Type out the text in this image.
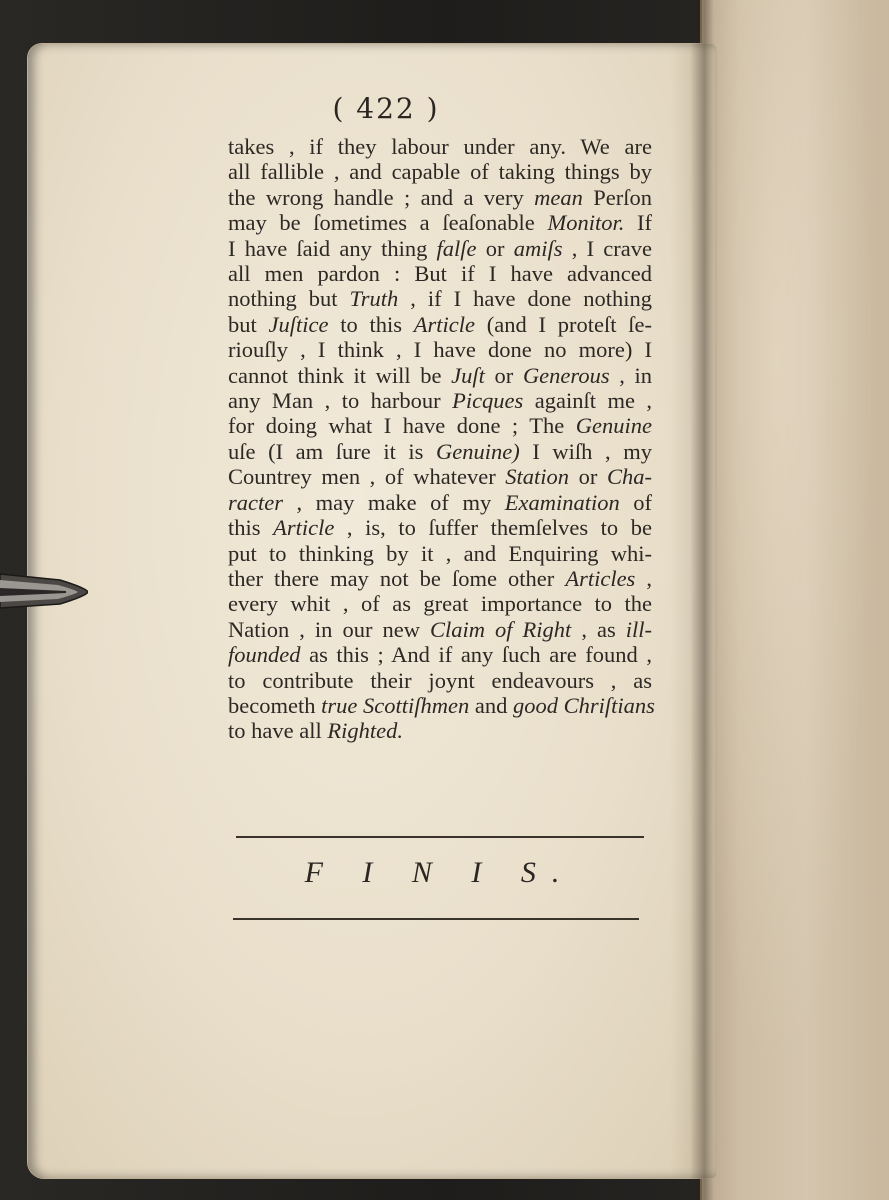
( 422 )
takes , if they labour under any. We are
all fallible , and capable of taking things by
the wrong handle ; and a very mean Perſon
may be ſometimes a ſeaſonable Monitor. If
I have ſaid any thing falſe or amiſs , I crave
all men pardon : But if I have advanced
nothing but Truth , if I have done nothing
but Juſtice to this Article (and I proteſt ſe-
riouſly , I think , I have done no more) I
cannot think it will be Juſt or Generous , in
any Man , to harbour Picques againſt me ,
for doing what I have done ; The Genuine
uſe (I am ſure it is Genuine) I wiſh , my
Countrey men , of whatever Station or Cha-
racter , may make of my Examination of
this Article , is, to ſuffer themſelves to be
put to thinking by it , and Enquiring whi-
ther there may not be ſome other Articles ,
every whit , of as great importance to the
Nation , in our new Claim of Right , as ill-
founded as this ; And if any ſuch are found ,
to contribute their joynt endeavours , as
becometh true Scottiſhmen and good Chriſtians
to have all Righted.
F I N I S.
